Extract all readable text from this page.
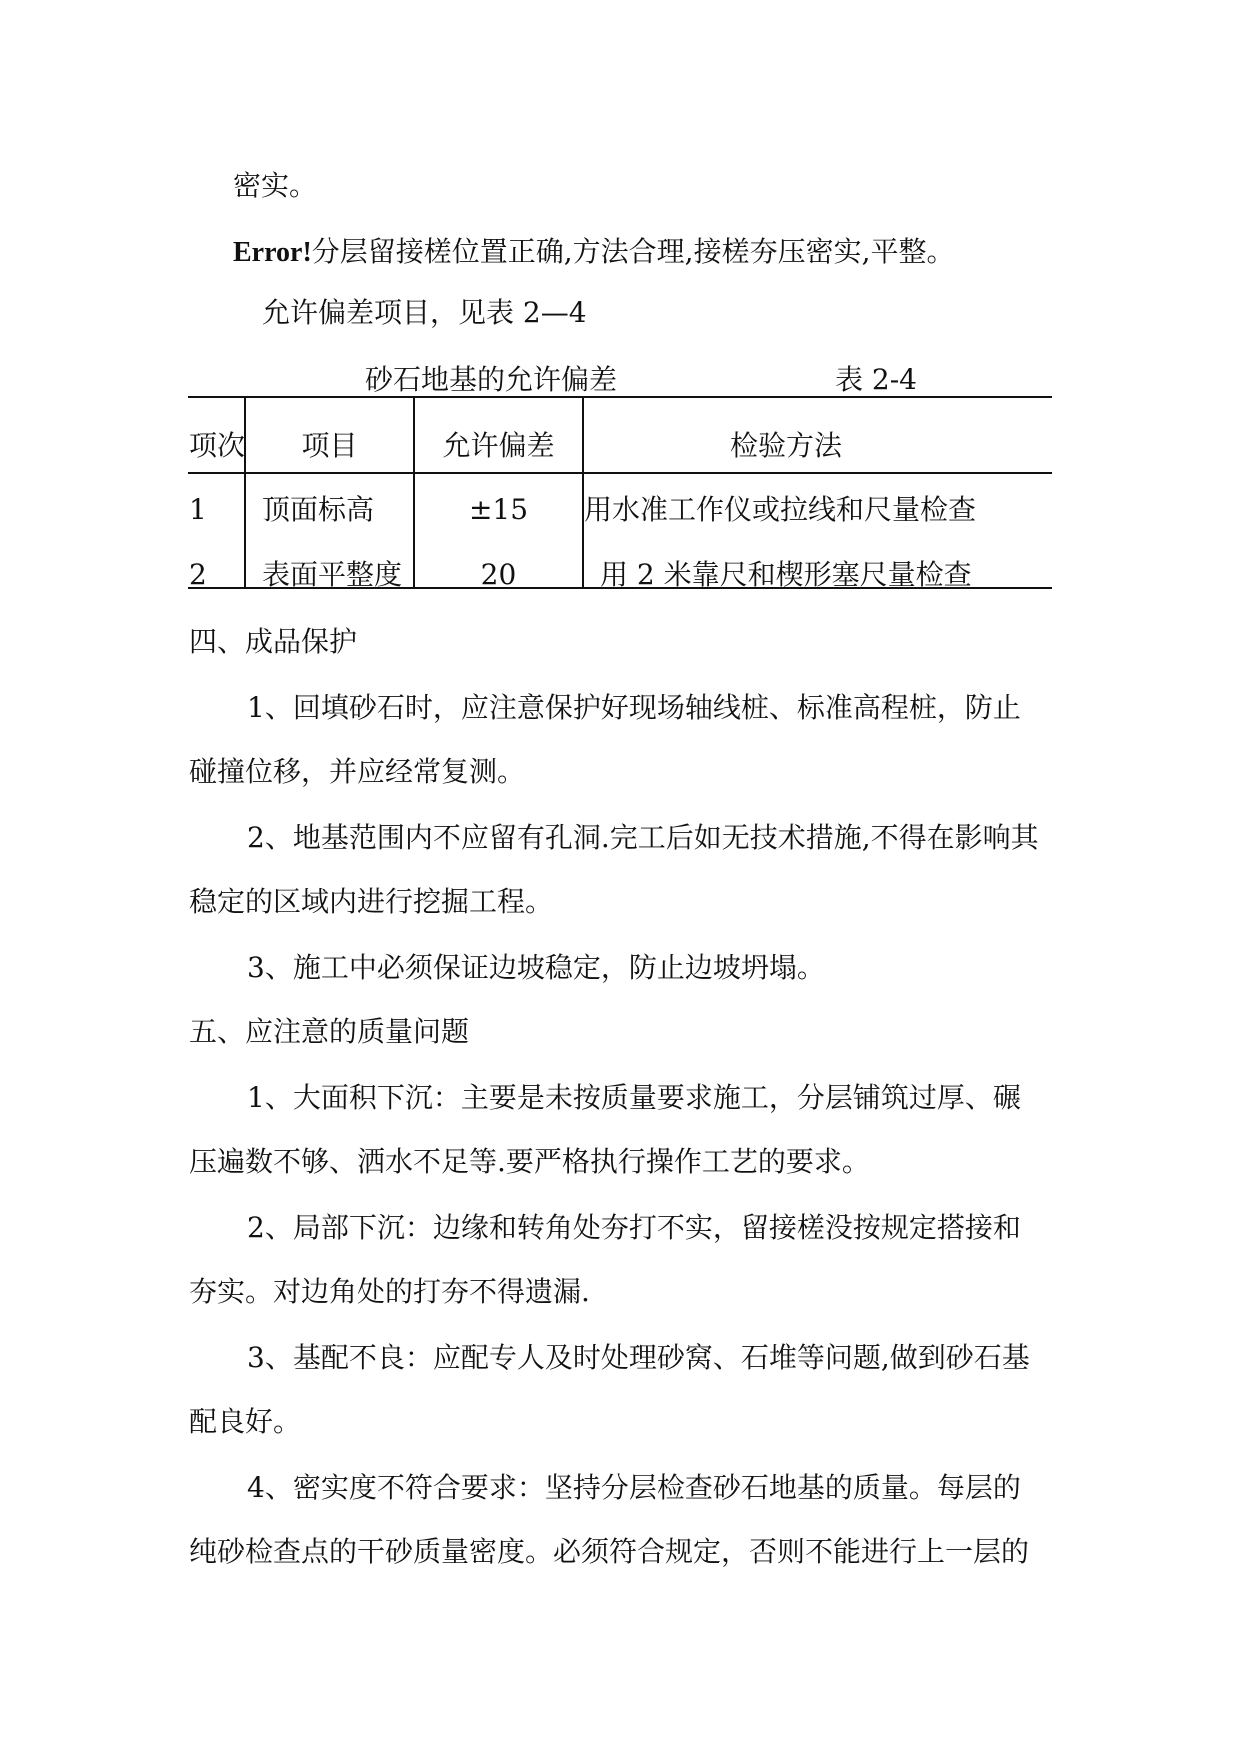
密实。
Error!分层留接槎位置正确,方法合理,接槎夯压密实,平整。
允许偏差项目，见表 2—4
砂石地基的允许偏差	表 2-4
项次	项目	允许偏差	检验方法
1 顶面标高	±15	用水准工作仪或拉线和尺量检查
2 表面平整度	20	用 2 米靠尺和楔形塞尺量检查
四、成品保护
1、回填砂石时，应注意保护好现场轴线桩、标准高程桩，防止
碰撞位移，并应经常复测。
2、地基范围内不应留有孔洞.完工后如无技术措施,不得在影响其
稳定的区域内进行挖掘工程。
3、施工中必须保证边坡稳定，防止边坡坍塌。
五、应注意的质量问题
1、大面积下沉：主要是未按质量要求施工，分层铺筑过厚、碾
压遍数不够、洒水不足等.要严格执行操作工艺的要求。
2、局部下沉：边缘和转角处夯打不实，留接槎没按规定搭接和
夯实。对边角处的打夯不得遗漏.
3、基配不良：应配专人及时处理砂窝、石堆等问题,做到砂石基
配良好。
4、密实度不符合要求：坚持分层检查砂石地基的质量。每层的
纯砂检查点的干砂质量密度。必须符合规定，否则不能进行上一层的
